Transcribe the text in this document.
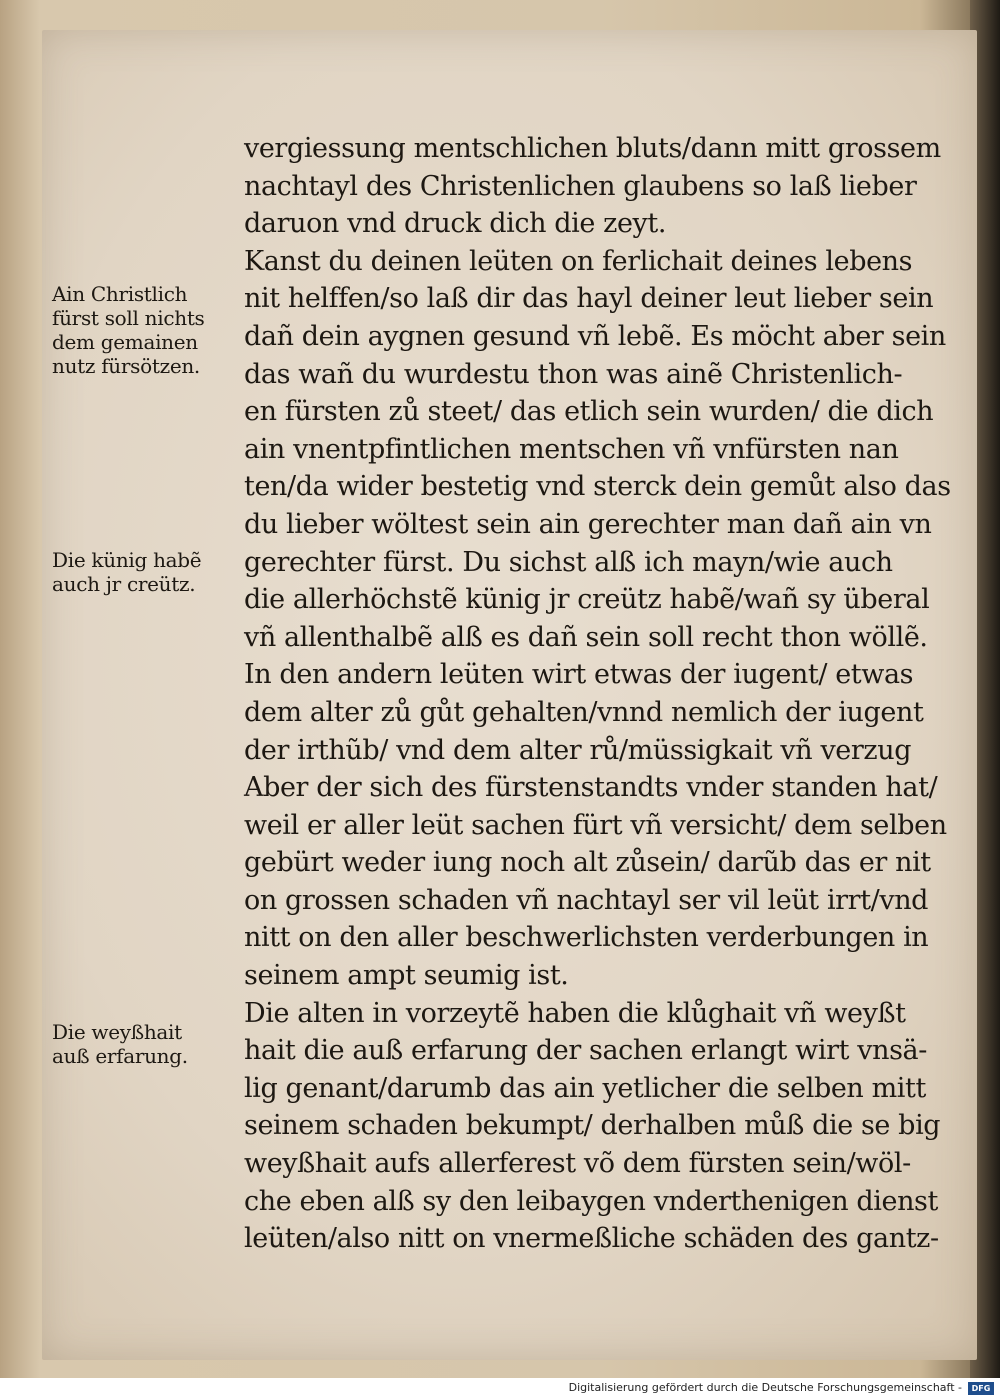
vergiessung mentschlichen bluts/dann mitt grossem
nachtayl des Christenlichen glaubens so laß lieber
daruon vnd druck dich die zeyt.
Kanst du deinen leüten on ferlichait deines lebens
nit helffen/so laß dir das hayl deiner leut lieber sein
dañ dein aygnen gesund vñ lebẽ. Es möcht aber sein
das wañ du wurdestu thon was ainẽ Christenlich-
en fürsten zů steet/ das etlich sein wurden/ die dich
ain vnentpfintlichen mentschen vñ vnfürsten nan
ten/da wider bestetig vnd sterck dein gemůt also das
du lieber wöltest sein ain gerechter man dañ ain vn
gerechter fürst. Du sichst alß ich mayn/wie auch
die allerhöchstẽ künig jr creütz habẽ/wañ sy überal
vñ allenthalbẽ alß es dañ sein soll recht thon wöllẽ.
In den andern leüten wirt etwas der iugent/ etwas
dem alter zů gůt gehalten/vnnd nemlich der iugent
der irthũb/ vnd dem alter rů/müssigkait vñ verzug
Aber der sich des fürstenstandts vnder standen hat/
weil er aller leüt sachen fürt vñ versicht/ dem selben
gebürt weder iung noch alt zůsein/ darũb das er nit
on grossen schaden vñ nachtayl ser vil leüt irrt/vnd
nitt on den aller beschwerlichsten verderbungen in
seinem ampt seumig ist.
Die alten in vorzeytẽ haben die klůghait vñ weyßt
hait die auß erfarung der sachen erlangt wirt vnsä-
lig genant/darumb das ain yetlicher die selben mitt
seinem schaden bekumpt/ derhalben můß die se big
weyßhait aufs allerferest võ dem fürsten sein/wöl-
che eben alß sy den leibaygen vnderthenigen dienst
leüten/also nitt on vnermeßliche schäden des gantz-
Ain Christlich
fürst soll nichts
dem gemainen
nutz fürsötzen.
Die künig habẽ
auch jr creütz.
Die weyßhait
auß erfarung.
Digitalisierung gefördert durch die Deutsche Forschungsgemeinschaft - DFG
